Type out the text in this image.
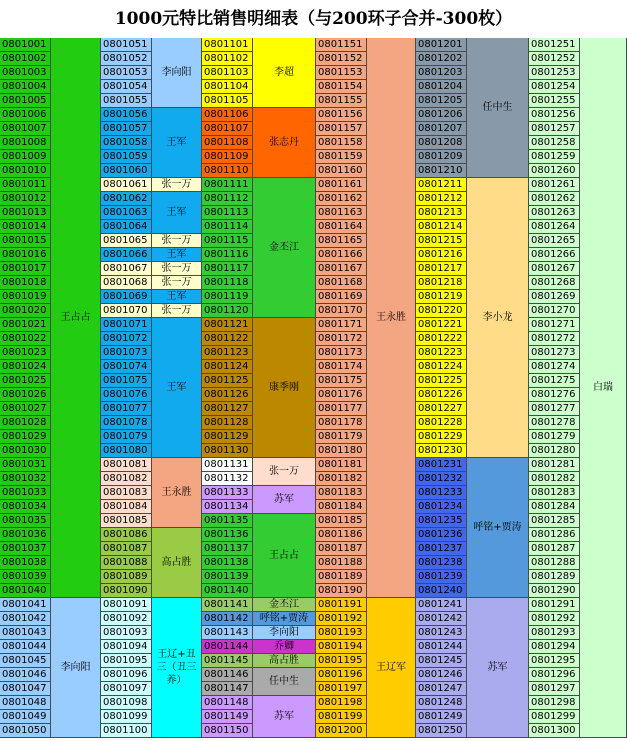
1000元特比销售明细表（与200环子合并-300枚）
0801001
0801002
0801003
0801004
0801005
0801006
0801007
0801008
0801009
0801010
0801011
0801012
0801013
0801014
0801015
0801016
0801017
0801018
0801019
0801020
0801021
0801022
0801023
0801024
0801025
0801026
0801027
0801028
0801029
0801030
0801031
0801032
0801033
0801034
0801035
0801036
0801037
0801038
0801039
0801040
0801041
0801042
0801043
0801044
0801045
0801046
0801047
0801048
0801049
0801050
王占占
李向阳
0801051
0801052
0801053
0801054
0801055
0801056
0801057
0801058
0801059
0801060
0801061
0801062
0801063
0801064
0801065
0801066
0801067
0801068
0801069
0801070
0801071
0801072
0801073
0801074
0801075
0801076
0801077
0801078
0801079
0801080
0801081
0801082
0801083
0801084
0801085
0801086
0801087
0801088
0801089
0801090
0801091
0801092
0801093
0801094
0801095
0801096
0801097
0801098
0801099
0801100
李向阳
王军
张一万
王军
张一万
王军
张一万
张一万
王军
张一万
王军
王永胜
高占胜
王辽+丑三（丑三养）
0801101
0801102
0801103
0801104
0801105
0801106
0801107
0801108
0801109
0801110
0801111
0801112
0801113
0801114
0801115
0801116
0801117
0801118
0801119
0801120
0801121
0801122
0801123
0801124
0801125
0801126
0801127
0801128
0801129
0801130
0801131
0801132
0801133
0801134
0801135
0801136
0801137
0801138
0801139
0801140
0801141
0801142
0801143
0801144
0801145
0801146
0801147
0801148
0801149
0801150
李超
张志丹
金丕江
康季刚
张一万
苏军
王占占
金丕江
呼铭+贾涛
李向阳
乔卿
高占胜
任中生
苏军
0801151
0801152
0801153
0801154
0801155
0801156
0801157
0801158
0801159
0801160
0801161
0801162
0801163
0801164
0801165
0801166
0801167
0801168
0801169
0801170
0801171
0801172
0801173
0801174
0801175
0801176
0801177
0801178
0801179
0801180
0801181
0801182
0801183
0801184
0801185
0801186
0801187
0801188
0801189
0801190
0801191
0801192
0801193
0801194
0801195
0801196
0801197
0801198
0801199
0801200
王永胜
王辽军
0801201
0801202
0801203
0801204
0801205
0801206
0801207
0801208
0801209
0801210
0801211
0801212
0801213
0801214
0801215
0801216
0801217
0801218
0801219
0801220
0801221
0801222
0801223
0801224
0801225
0801226
0801227
0801228
0801229
0801230
0801231
0801232
0801233
0801234
0801235
0801236
0801237
0801238
0801239
0801240
0801241
0801242
0801243
0801244
0801245
0801246
0801247
0801248
0801249
0801250
任中生
李小龙
呼铭+贾涛
苏军
0801251
0801252
0801253
0801254
0801255
0801256
0801257
0801258
0801259
0801260
0801261
0801262
0801263
0801264
0801265
0801266
0801267
0801268
0801269
0801270
0801271
0801272
0801273
0801274
0801275
0801276
0801277
0801278
0801279
0801280
0801281
0801282
0801283
0801284
0801285
0801286
0801287
0801288
0801289
0801290
0801291
0801292
0801293
0801294
0801295
0801296
0801297
0801298
0801299
0801300
白瑞
